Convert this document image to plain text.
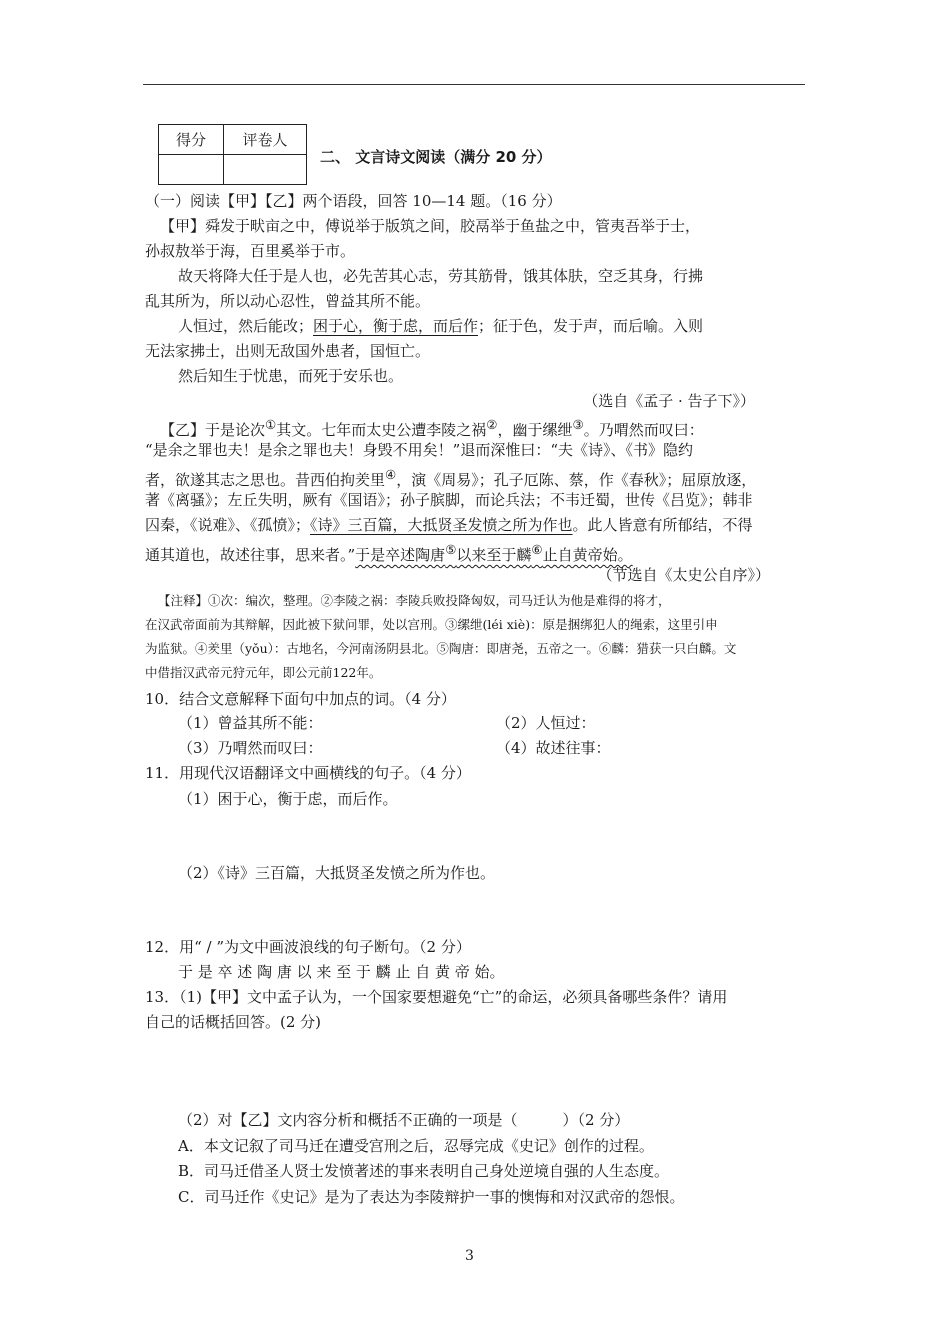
得分	评卷人

二、 文言诗文阅读（满分 20 分）
（一）阅读【甲】【乙】两个语段，回答 10—14 题。（16 分）
【甲】舜发于畎亩之中，傅说举于版筑之间，胶鬲举于鱼盐之中，管夷吾举于士，
孙叔敖举于海，百里奚举于市。
故天将降大任于是人也，必先苦其心志，劳其筋骨，饿其体肤，空乏其身，行拂
乱其所为，所以动心忍性，曾益其所不能。
人恒过，然后能改；困于心，衡于虑，而后作；征于色，发于声，而后喻。入则
无法家拂士，出则无敌国外患者，国恒亡。
然后知生于忧患，而死于安乐也。
（选自《孟子 · 告子下》）
【乙】于是论次①其文。七年而太史公遭李陵之祸②，幽于缧绁③。乃喟然而叹曰：
“是余之罪也夫！是余之罪也夫！身毁不用矣！”退而深惟曰：“夫《诗》、《书》隐约
者，欲遂其志之思也。昔西伯拘羑里④，演《周易》；孔子厄陈、蔡，作《春秋》；屈原放逐，
著《离骚》；左丘失明，厥有《国语》；孙子膑脚，而论兵法；不韦迁蜀，世传《吕览》；韩非
囚秦，《说难》、《孤愤》；《诗》三百篇，大抵贤圣发愤之所为作也。此人皆意有所郁结，不得
通其道也，故述往事，思来者。”于是卒述陶唐⑤以来至于麟⑥止自黄帝始。
（节选自《太史公自序》）
【注释】①次：编次，整理。②李陵之祸：李陵兵败投降匈奴，司马迁认为他是难得的将才，
在汉武帝面前为其辩解，因此被下狱问罪，处以宫刑。③缧绁(léi xiè)：原是捆绑犯人的绳索，这里引申
为监狱。④羑里（yǒu）：古地名，今河南汤阴县北。⑤陶唐：即唐尧，五帝之一。⑥麟：猎获一只白麟。文
中借指汉武帝元狩元年，即公元前122年。
10．结合文意解释下面句中加点的词。（4 分）
（1）曾益其所不能：	（2）人恒过：
（3）乃喟然而叹曰：	（4）故述往事：
11．用现代汉语翻译文中画横线的句子。（4 分）
（1）困于心，衡于虑，而后作。
（2）《诗》三百篇，大抵贤圣发愤之所为作也。
12．用“ / ”为文中画波浪线的句子断句。（2 分）
于 是 卒 述 陶 唐 以 来 至 于 麟 止 自 黄 帝 始。
13．（1)【甲】文中孟子认为，一个国家要想避免“亡”的命运，必须具备哪些条件？请用
自己的话概括回答。(2 分)
（2）对【乙】文内容分析和概括不正确的一项是（　　　）（2 分）
A．本文记叙了司马迁在遭受宫刑之后，忍辱完成《史记》创作的过程。
B．司马迁借圣人贤士发愤著述的事来表明自己身处逆境自强的人生态度。
C．司马迁作《史记》是为了表达为李陵辩护一事的懊悔和对汉武帝的怨恨。
3
